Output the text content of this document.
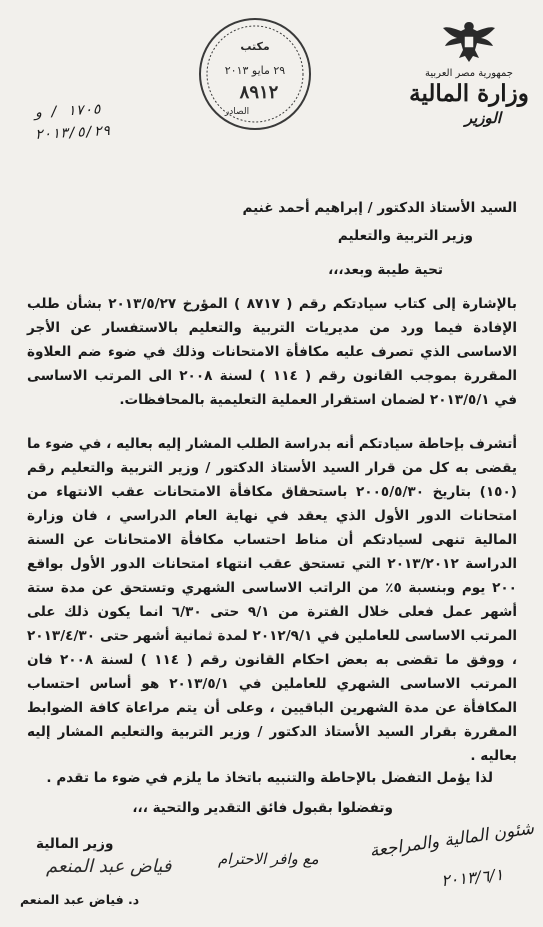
جمهورية مصر العربية
وزارة المالية
الوزير
مكتب
٢٩ مايو ٢٠١٣
٨٩١٢
الصادر
١٧٠٥ / و
٢٠١٣/٥/٢٩
السيد الأستاذ الدكتور / إبراهيم أحمد غنيم
وزير التربية والتعليم
تحية طيبة وبعد،،،
بالإشارة إلى كتاب سيادتكم رقم ( ٨٧١٧ ) المؤرخ ٢٠١٣/٥/٢٧ بشأن طلب الإفادة فيما ورد من مديريات التربية والتعليم بالاستفسار عن الأجر الاساسى الذي تصرف عليه مكافأة الامتحانات وذلك في ضوء ضم العلاوة المقررة بموجب القانون رقم ( ١١٤ ) لسنة ٢٠٠٨ الى المرتب الاساسى في ٢٠١٣/٥/١ لضمان استقرار العملية التعليمية بالمحافظات.
أتشرف بإحاطة سيادتكم أنه بدراسة الطلب المشار إليه بعاليه ، في ضوء ما يقضى به كل من قرار السيد الأستاذ الدكتور / وزير التربية والتعليم رقم (١٥٠) بتاريخ ٢٠٠٥/٥/٣٠ باستحقاق مكافأة الامتحانات عقب الانتهاء من امتحانات الدور الأول الذي يعقد في نهاية العام الدراسي ، فان وزارة المالية تنهى لسيادتكم أن مناط احتساب مكافأة الامتحانات عن السنة الدراسة ٢٠١٣/٢٠١٢ التي تستحق عقب انتهاء امتحانات الدور الأول بواقع ٢٠٠ يوم وبنسبة ٥٪ من الراتب الاساسى الشهري وتستحق عن مدة ستة أشهر عمل فعلى خلال الفترة من ٩/١ حتى ٦/٣٠ انما يكون ذلك على المرتب الاساسى للعاملين في ٢٠١٢/٩/١ لمدة ثمانية أشهر حتى ٢٠١٣/٤/٣٠ ، ووفق ما تقضى به بعض احكام القانون رقم ( ١١٤ ) لسنة ٢٠٠٨ فان المرتب الاساسى الشهري للعاملين في ٢٠١٣/٥/١ هو أساس احتساب المكافأة عن مدة الشهرين الباقيين ، وعلى أن يتم مراعاة كافة الضوابط المقررة بقرار السيد الأستاذ الدكتور / وزير التربية والتعليم المشار إليه بعاليه .
لذا يؤمل التفضل بالإحاطة والتنبيه باتخاذ ما يلزم في ضوء ما تقدم .
وتفضلوا بقبول فائق التقدير والتحية ،،،
وزير المالية
فياض عبد المنعم
د. فياض عبد المنعم
مع وافر الاحترام	شئون المالية والمراجعة
٢٠١٣/٦/١
